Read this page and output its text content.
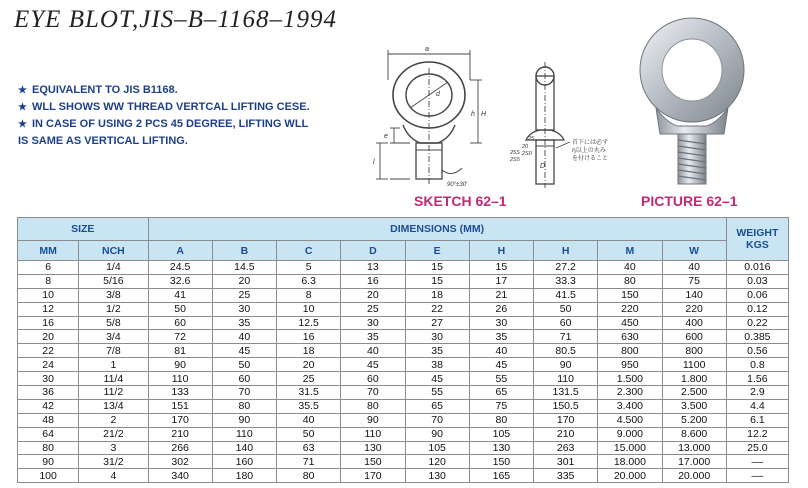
EYE BLOT,JIS–B–1168–1994
★ EQUIVALENT TO JIS B1168.
★ WLL SHOWS WW THREAD VERTCAL LIFTING CESE.
★ IN CASE OF USING 2 PCS 45 DEGREE, LIFTING WLL
IS SAME AS VERTICAL LIFTING.
a
d
h H
e
l
90°±30′
D
25S
2S5
20
2S0
25	首下には必ず
η以上の丸み
を付けること
SKETCH 62–1	PICTURE 62–1
SIZE		DIMENSIONS (MM)									WEIGHT
KGS
MM	NCH	A	B	C	D	E	H	H	M	W	
6	1/4	24.5	14.5	5	13	15	15	27.2	40	40	0.016
8	5/16	32.6	20	6.3	16	15	17	33.3	80	75	0.03
10	3/8	41	25	8	20	18	21	41.5	150	140	0.06
12	1/2	50	30	10	25	22	26	50	220	220	0.12
16	5/8	60	35	12.5	30	27	30	60	450	400	0.22
20	3/4	72	40	16	35	30	35	71	630	600	0.385
22	7/8	81	45	18	40	35	40	80.5	800	800	0.56
24	1	90	50	20	45	38	45	90	950	1100	0.8
30	11/4	110	60	25	60	45	55	110	1.500	1.800	1.56
36	11/2	133	70	31.5	70	55	65	131.5	2.300	2.500	2.9
42	13/4	151	80	35.5	80	65	75	150.5	3.400	3.500	4.4
48	2	170	90	40	90	70	80	170	4.500	5.200	6.1
64	21/2	210	110	50	110	90	105	210	9.000	8.600	12.2
80	3	266	140	63	130	105	130	263	15.000	13.000	25.0
90	31/2	302	160	71	150	120	150	301	18.000	17.000	––
100	4	340	180	80	170	130	165	335	20.000	20.000	––
